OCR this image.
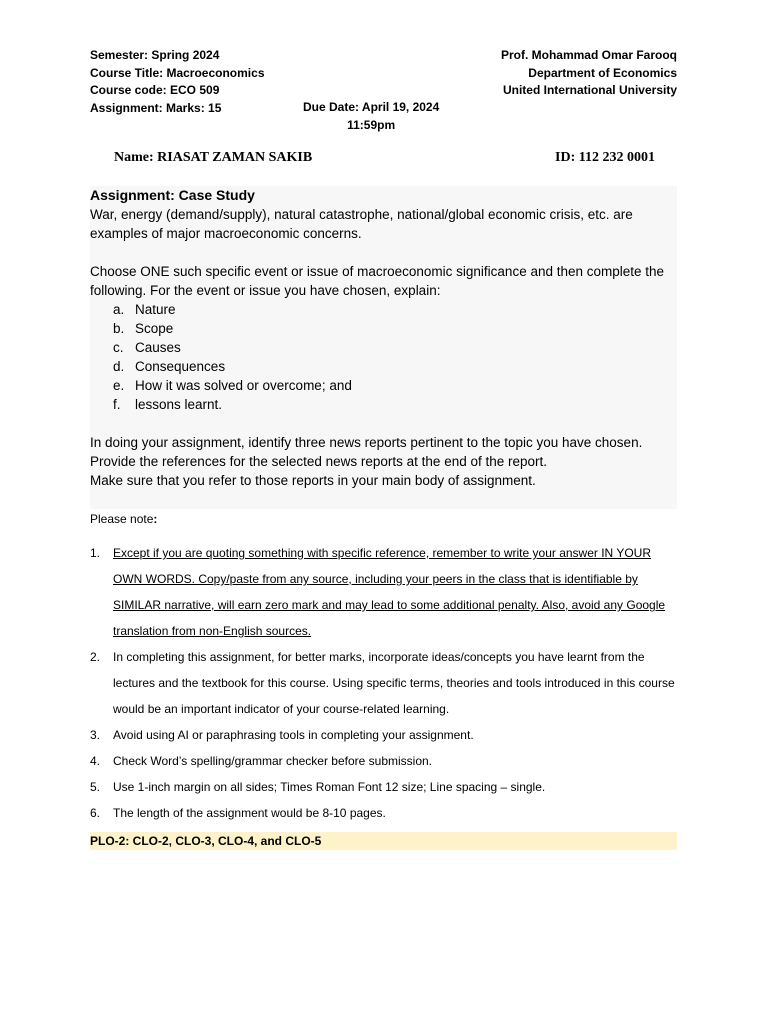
Semester: Spring 2024
Course Title: Macroeconomics
Course code: ECO 509
Assignment: Marks: 15
Prof. Mohammad Omar Farooq
Department of Economics
United International University
Due Date: April 19, 2024
11:59pm
Name: RIASAT ZAMAN SAKIB	ID: 112 232 0001
Assignment: Case Study

War, energy (demand/supply), natural catastrophe, national/global economic crisis, etc. are examples of major macroeconomic concerns.

Choose ONE such specific event or issue of macroeconomic significance and then complete the following. For the event or issue you have chosen, explain:

a. Nature
b. Scope
c. Causes
d. Consequences
e. How it was solved or overcome; and
f.	lessons learnt.

In doing your assignment, identify three news reports pertinent to the topic you have chosen.

Provide the references for the selected news reports at the end of the report.

Make sure that you refer to those reports in your main body of assignment.

Please note:
1.	Except if you are quoting something with specific reference, remember to write your answer IN YOUR OWN WORDS. Copy/paste from any source, including your peers in the class that is identifiable by SIMILAR narrative, will earn zero mark and may lead to some additional penalty. Also, avoid any Google translation from non-English sources.
2.	In completing this assignment, for better marks, incorporate ideas/concepts you have learnt from the lectures and the textbook for this course. Using specific terms, theories and tools introduced in this course would be an important indicator of your course-related learning.
3.	Avoid using AI or paraphrasing tools in completing your assignment.
4.	Check Word’s spelling/grammar checker before submission.
5.	Use 1-inch margin on all sides; Times Roman Font 12 size; Line spacing – single.
6.	The length of the assignment would be 8-10 pages.
PLO-2: CLO-2, CLO-3, CLO-4, and CLO-5
